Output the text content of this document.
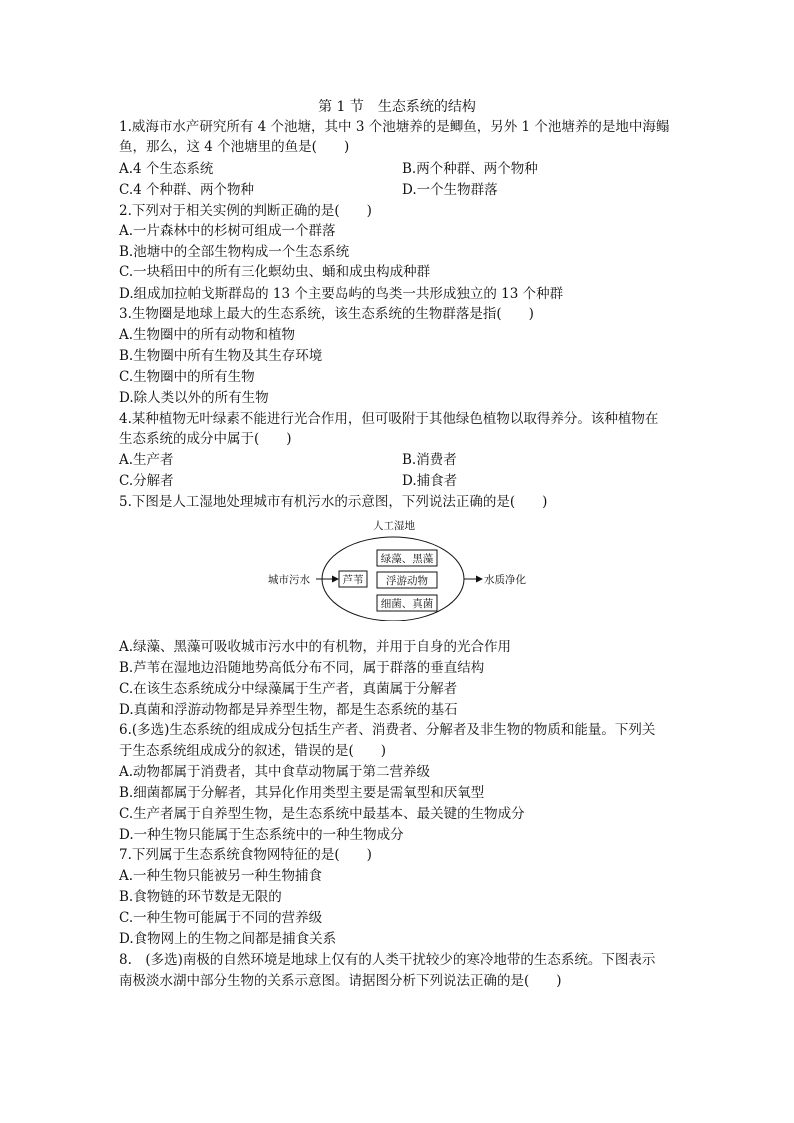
第 1 节　生态系统的结构
1.威海市水产研究所有 4 个池塘，其中 3 个池塘养的是鲫鱼，另外 1 个池塘养的是地中海鳎
鱼，那么，这 4 个池塘里的鱼是(　　)
A.4 个生态系统	B.两个种群、两个物种
C.4 个种群、两个物种	D.一个生物群落
2.下列对于相关实例的判断正确的是(　　)
A.一片森林中的杉树可组成一个群落
B.池塘中的全部生物构成一个生态系统
C.一块稻田中的所有三化螟幼虫、蛹和成虫构成种群
D.组成加拉帕戈斯群岛的 13 个主要岛屿的鸟类一共形成独立的 13 个种群
3.生物圈是地球上最大的生态系统，该生态系统的生物群落是指(　　)
A.生物圈中的所有动物和植物
B.生物圈中所有生物及其生存环境
C.生物圈中的所有生物
D.除人类以外的所有生物
4.某种植物无叶绿素不能进行光合作用，但可吸附于其他绿色植物以取得养分。该种植物在
生态系统的成分中属于(　　)
A.生产者	B.消费者
C.分解者	D.捕食者
5.下图是人工湿地处理城市有机污水的示意图，下列说法正确的是(　　)
人工湿地
城市污水	芦苇
绿藻、黑藻
浮游动物
细菌、真菌
水质净化
A.绿藻、黑藻可吸收城市污水中的有机物，并用于自身的光合作用
B.芦苇在湿地边沿随地势高低分布不同，属于群落的垂直结构
C.在该生态系统成分中绿藻属于生产者，真菌属于分解者
D.真菌和浮游动物都是异养型生物，都是生态系统的基石
6.(多选)生态系统的组成成分包括生产者、消费者、分解者及非生物的物质和能量。下列关
于生态系统组成成分的叙述，错误的是(　　)
A.动物都属于消费者，其中食草动物属于第二营养级
B.细菌都属于分解者，其异化作用类型主要是需氧型和厌氧型
C.生产者属于自养型生物，是生态系统中最基本、最关键的生物成分
D.一种生物只能属于生态系统中的一种生物成分
7.下列属于生态系统食物网特征的是(　　)
A.一种生物只能被另一种生物捕食
B.食物链的环节数是无限的
C.一种生物可能属于不同的营养级
D.食物网上的生物之间都是捕食关系
8.　(多选)南极的自然环境是地球上仅有的人类干扰较少的寒冷地带的生态系统。下图表示
南极淡水湖中部分生物的关系示意图。请据图分析下列说法正确的是(　　)
